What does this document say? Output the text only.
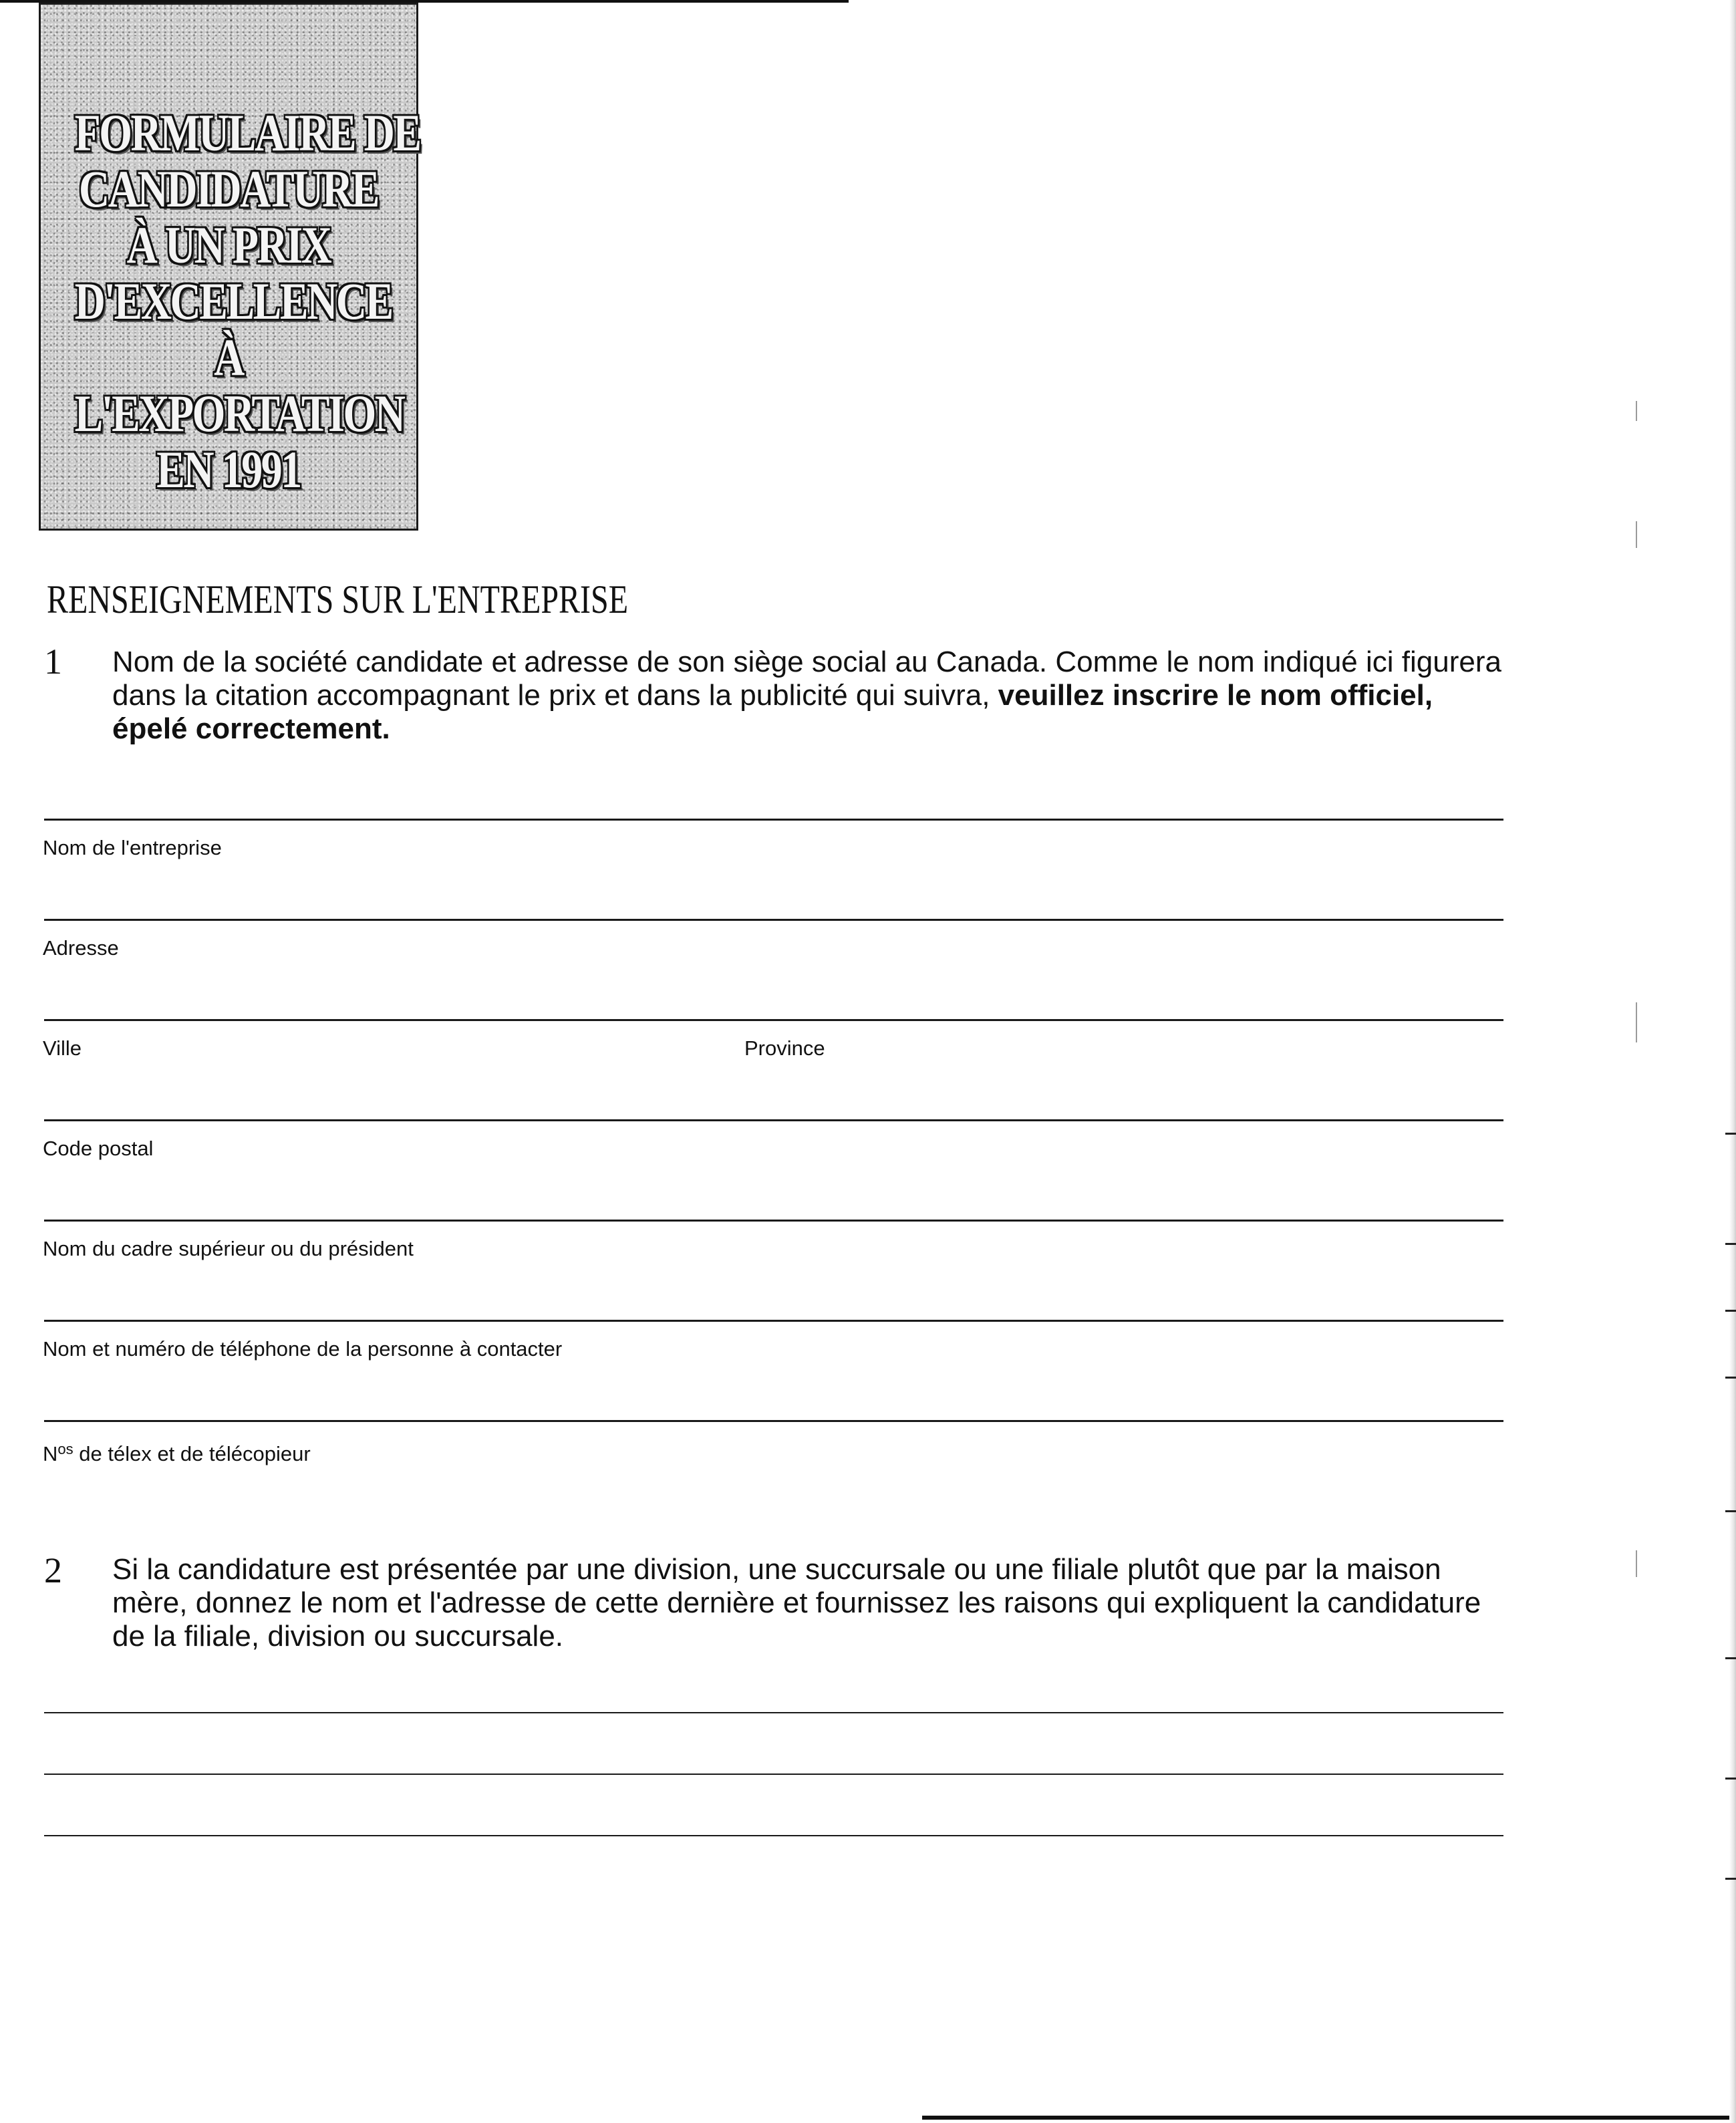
FORMULAIRE DE
CANDIDATURE
À UN PRIX
D'EXCELLENCE
À
L'EXPORTATION
EN 1991
RENSEIGNEMENTS SUR L'ENTREPRISE
1 Nom de la société candidate et adresse de son siège social au Canada. Comme le nom indiqué ici figurera dans la citation accompagnant le prix et dans la publicité qui suivra, veuillez inscrire le nom officiel, épelé correctement.
Nom de l'entreprise
Adresse
Ville	Province
Code postal
Nom du cadre supérieur ou du président
Nom et numéro de téléphone de la personne à contacter
$N^{os}$ de télex et de télécopieur
2 Si la candidature est présentée par une division, une succursale ou une filiale plutôt que par la maison mère, donnez le nom et l'adresse de cette dernière et fournissez les raisons qui expliquent la candidature de la filiale, division ou succursale.
